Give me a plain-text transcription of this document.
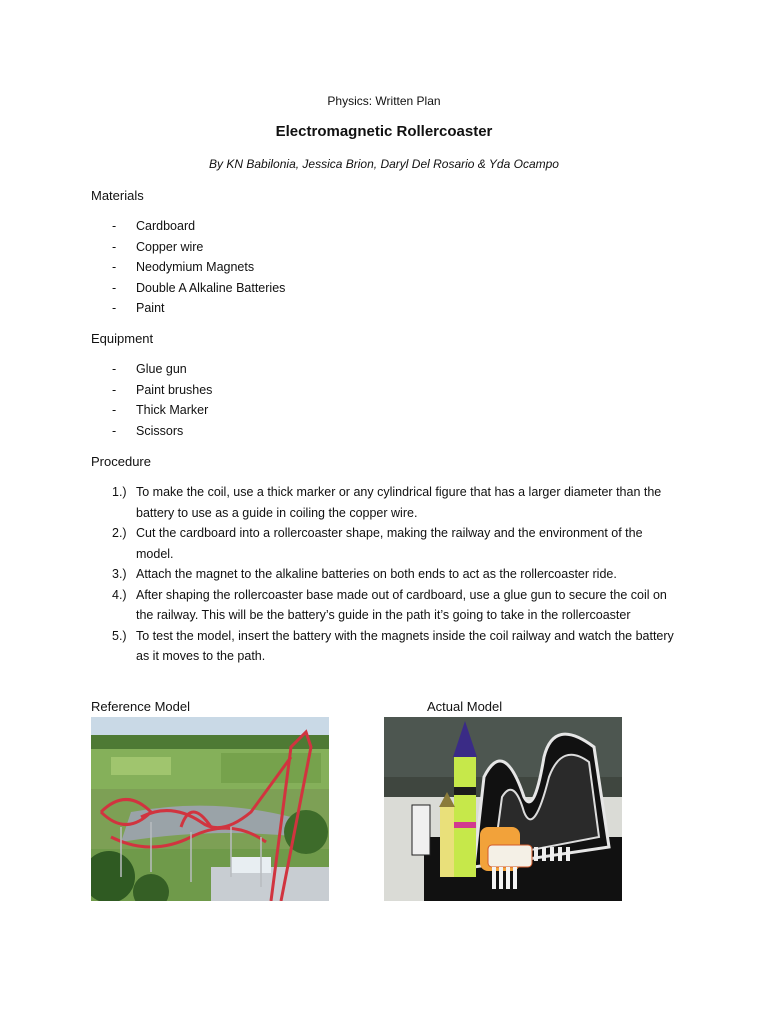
Physics: Written Plan
Electromagnetic Rollercoaster
By KN Babilonia, Jessica Brion, Daryl Del Rosario & Yda Ocampo
Materials
- Cardboard
- Copper wire
- Neodymium Magnets
- Double A Alkaline Batteries
- Paint
Equipment
- Glue gun
- Paint brushes
- Thick Marker
- Scissors
Procedure
1.) To make the coil, use a thick marker or any cylindrical figure that has a larger diameter than the battery to use as a guide in coiling the copper wire.
2.) Cut the cardboard into a rollercoaster shape, making the railway and the environment of the model.
3.) Attach the magnet to the alkaline batteries on both ends to act as the rollercoaster ride.
4.) After shaping the rollercoaster base made out of cardboard, use a glue gun to secure the coil on the railway. This will be the battery’s guide in the path it’s going to take in the rollercoaster
5.) To test the model, insert the battery with the magnets inside the coil railway and watch the battery as it moves to the path.
Reference Model	Actual Model
